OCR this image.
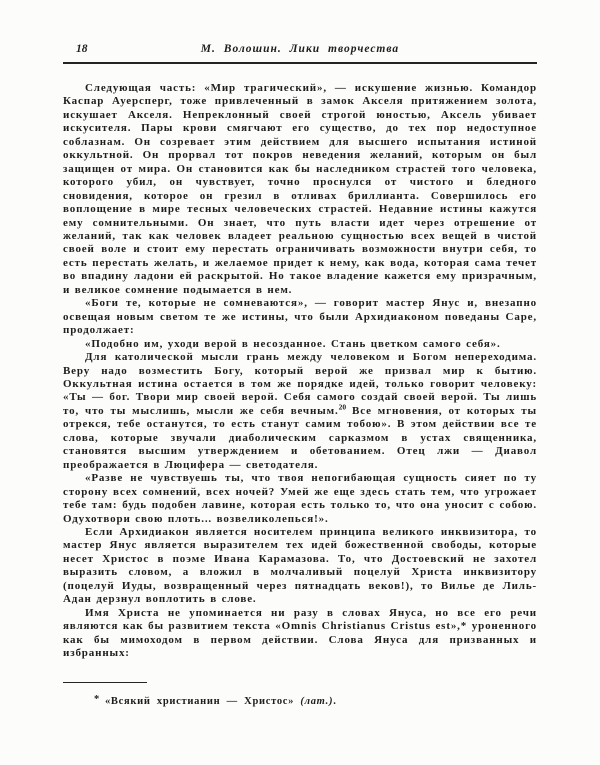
18	М. Волошин. Лики творчества

Следующая часть: «Мир трагический», — искушение жизнью. Командор Каспар Ауерсперг, тоже привлеченный в замок Акселя притяжением золота, искушает Акселя. Непреклонный своей строгой юностью, Аксель убивает искусителя. Пары крови смягчают его существо, до тех пор недоступное соблазнам. Он созревает этим действием для высшего испытания истиной оккультной. Он прорвал тот покров неведения желаний, которым он был защищен от мира. Он становится как бы наследником страстей того человека, которого убил, он чувствует, точно проснулся от чистого и бледного сновидения, которое он грезил в отливах бриллианта. Совершилось его воплощение в мире тесных человеческих страстей. Недавние истины кажутся ему сомнительными. Он знает, что путь власти идет через отрешение от желаний, так как человек владеет реальною сущностью всех вещей в чистой своей воле и стоит ему перестать ограничивать возможности внутри себя, то есть перестать желать, и желаемое придет к нему, как вода, которая сама течет во впадину ладони ей раскрытой. Но такое владение кажется ему призрачным, и великое сомнение подымается в нем.

«Боги те, которые не сомневаются», — говорит мастер Янус и, внезапно освещая новым светом те же истины, что были Архидиаконом поведаны Саре, продолжает:

«Подобно им, уходи верой в несозданное. Стань цветком самого себя».

Для католической мысли грань между человеком и Богом непереходима. Веру надо возместить Богу, который верой же призвал мир к бытию. Оккультная истина остается в том же порядке идей, только говорит человеку: «Ты — бог. Твори мир своей верой. Себя самого создай своей верой. Ты лишь то, что ты мыслишь, мысли же себя вечным.$^{20}$ Все мгновения, от которых ты отрекся, тебе останутся, то есть станут самим тобою». В этом действии все те слова, которые звучали диаболическим сарказмом в устах священника, становятся высшим утверждением и обетованием. Отец лжи — Диавол преображается в Люцифера — светодателя.

«Разве не чувствуешь ты, что твоя непогибающая сущность сияет по ту сторону всех сомнений, всех ночей? Умей же еще здесь стать тем, что угрожает тебе там: будь подобен лавине, которая есть только то, что она уносит с собою. Одухотвори свою плоть... возвеликолепься!».

Если Архидиакон является носителем принципа великого инквизитора, то мастер Янус является выразителем тех идей божественной свободы, которые несет Христос в поэме Ивана Карамазова. То, что Достоевский не захотел выразить словом, а вложил в молчаливый поцелуй Христа инквизитору (поцелуй Иуды, возвращенный через пятнадцать веков!), то Вилье де Лиль-Адан дерзнул воплотить в слове.

Имя Христа не упоминается ни разу в словах Януса, но все его речи являются как бы развитием текста «Omnis Christianus Cristus est»,* уроненного как бы мимоходом в первом действии. Слова Януса для призванных и избранных:

* «Всякий христианин — Христос» (лат.).
